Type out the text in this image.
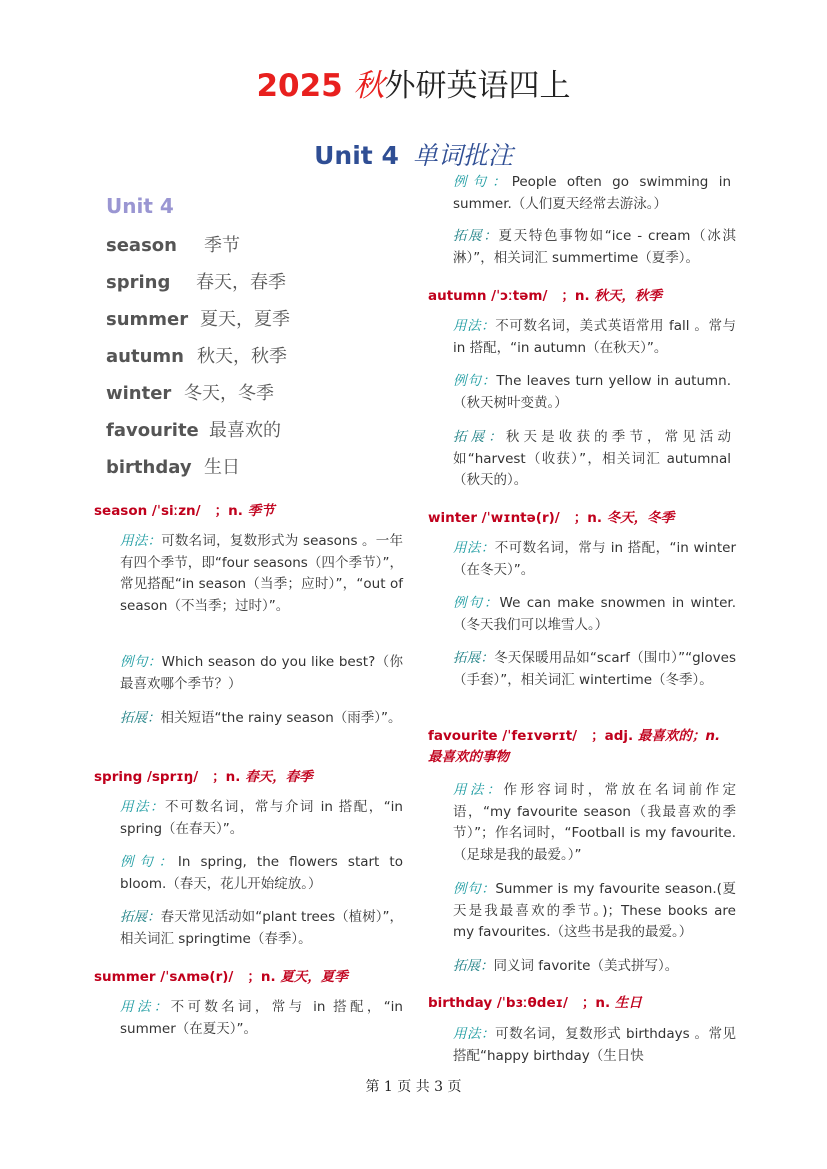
2025 秋外研英语四上
Unit 4 单词批注
Unit 4
season 季节
spring 春天，春季
summer 夏天，夏季
autumn 秋天，秋季
winter 冬天，冬季
favourite 最喜欢的
birthday 生日
season /ˈsiːzn/ ；n. 季节
用法：可数名词，复数形式为 seasons 。一年有四个季节，即“four seasons（四个季节）”，常见搭配“in season（当季；应时）”，“out of season（不当季；过时）”。
例句：Which season do you like best?（你最喜欢哪个季节？）
拓展：相关短语“the rainy season（雨季）”。
spring /sprɪŋ/ ；n. 春天，春季
用法：不可数名词，常与介词 in 搭配，“in spring（在春天）”。
例句：In spring, the flowers start to bloom.（春天，花儿开始绽放。）
拓展：春天常见活动如“plant trees（植树）”，相关词汇 springtime（春季）。
summer /ˈsʌmə(r)/ ；n. 夏天，夏季
用法：不可数名词，常与 in 搭配，“in summer（在夏天）”。
例句：People often go swimming in summer.（人们夏天经常去游泳。）
拓展：夏天特色事物如“ice - cream（冰淇淋）”，相关词汇 summertime（夏季）。
autumn /ˈɔːtəm/ ；n. 秋天，秋季
用法：不可数名词，美式英语常用 fall 。常与 in 搭配，“in autumn（在秋天）”。
例句：The leaves turn yellow in autumn.（秋天树叶变黄。）
拓展：秋天是收获的季节，常见活动如“harvest（收获）”，相关词汇 autumnal（秋天的）。
winter /ˈwɪntə(r)/ ；n. 冬天，冬季
用法：不可数名词，常与 in 搭配，“in winter（在冬天）”。
例句：We can make snowmen in winter.（冬天我们可以堆雪人。）
拓展：冬天保暖用品如“scarf（围巾）”“gloves（手套）”，相关词汇 wintertime（冬季）。
favourite /ˈfeɪvərɪt/ ；adj. 最喜欢的；n. 最喜欢的事物
用法：作形容词时，常放在名词前作定语，“my favourite season（我最喜欢的季节）”；作名词时，“Football is my favourite.（足球是我的最爱。）”
例句：Summer is my favourite season.(夏天是我最喜欢的季节。)；These books are my favourites.（这些书是我的最爱。）
拓展：同义词 favorite（美式拼写）。
birthday /ˈbɜːθdeɪ/ ；n. 生日
用法：可数名词，复数形式 birthdays 。常见搭配“happy birthday（生日快
第 1 页 共 3 页
